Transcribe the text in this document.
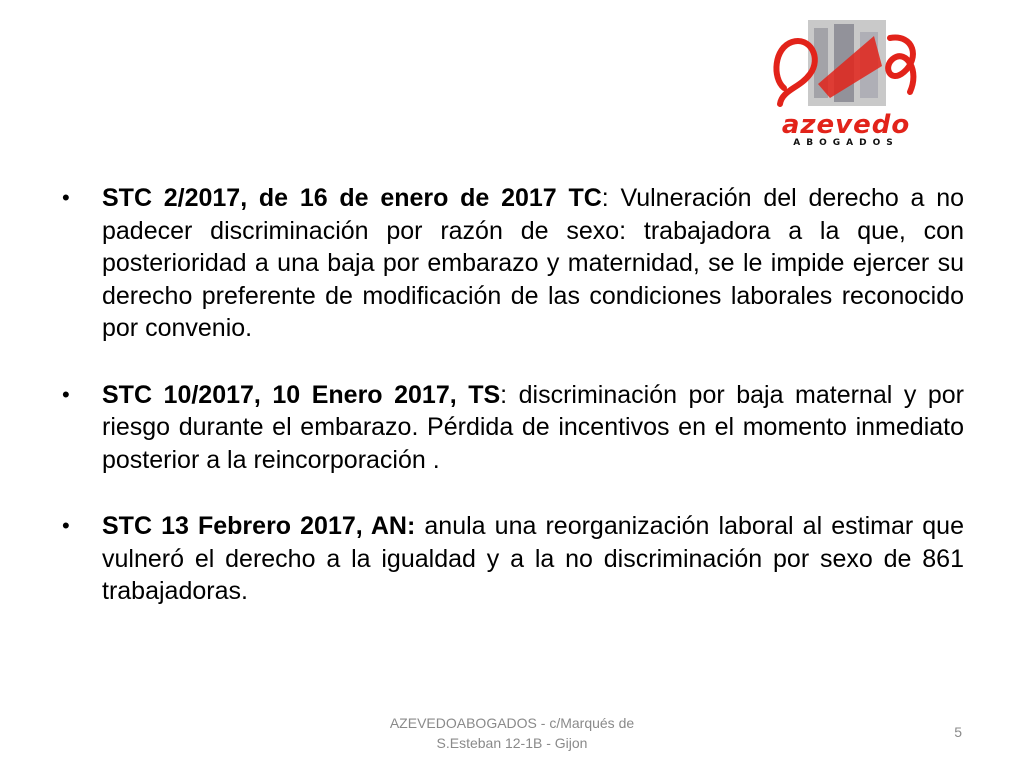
azevedo
ABOGADOS
• STC 2/2017, de 16 de enero de 2017 TC: Vulneración del derecho a no padecer discriminación por razón de sexo: trabajadora a la que, con posterioridad a una baja por embarazo y maternidad, se le impide ejercer su derecho preferente de modificación de las condiciones laborales reconocido por convenio.
• STC 10/2017, 10 Enero 2017, TS: discriminación por baja maternal y por riesgo durante el embarazo. Pérdida de incentivos en el momento inmediato posterior a la reincorporación .
• STC 13 Febrero 2017, AN: anula una reorganización laboral al estimar que vulneró el derecho a la igualdad y a la no discriminación por sexo de 861 trabajadoras.
AZEVEDOABOGADOS - c/Marqués de
S.Esteban 12-1B - Gijon
5
